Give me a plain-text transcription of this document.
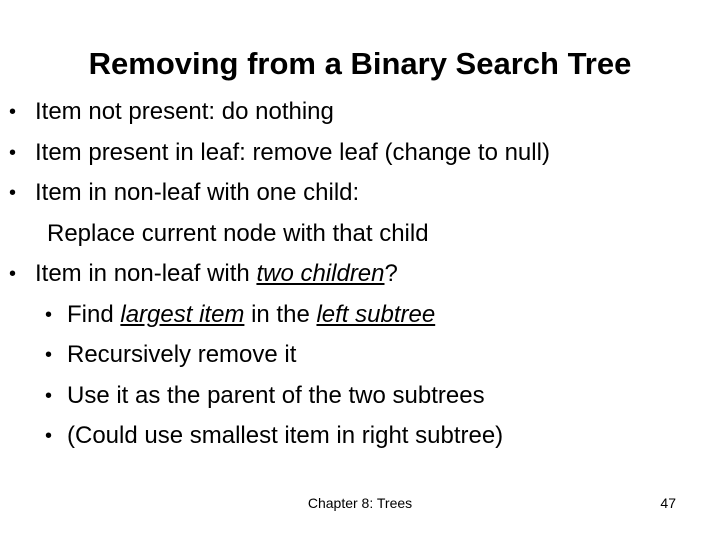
Removing from a Binary Search Tree
• Item not present: do nothing
• Item present in leaf: remove leaf (change to null)
• Item in non-leaf with one child:
Replace current node with that child
• Item in non-leaf with two children?
• Find largest item in the left subtree
• Recursively remove it
• Use it as the parent of the two subtrees
• (Could use smallest item in right subtree)
Chapter 8: Trees	47
